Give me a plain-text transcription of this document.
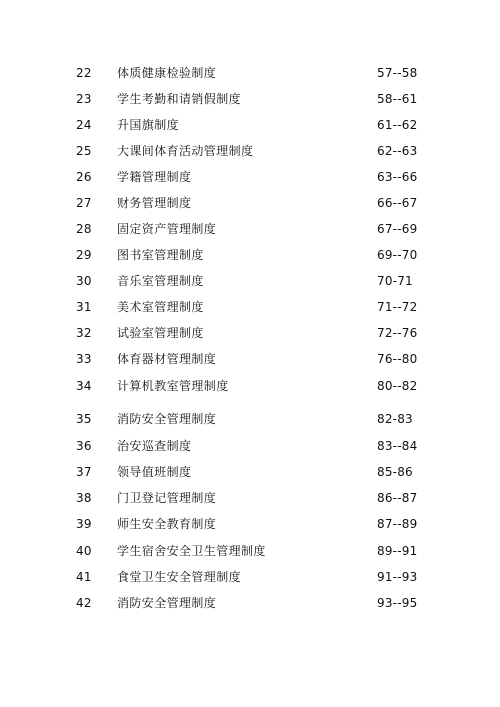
22	体质健康检验制度	57--58
23	学生考勤和请销假制度	58--61
24	升国旗制度	61--62
25	大课间体育活动管理制度	62--63
26	学籍管理制度	63--66
27	财务管理制度	66--67
28	固定资产管理制度	67--69
29	图书室管理制度	69--70
30	音乐室管理制度	70-71
31	美术室管理制度	71--72
32	试验室管理制度	72--76
33	体育器材管理制度	76--80
34	计算机教室管理制度	80--82
35	消防安全管理制度	82-83
36	治安巡查制度	83--84
37	领导值班制度	85-86
38	门卫登记管理制度	86--87
39	师生安全教育制度	87--89
40	学生宿舍安全卫生管理制度	89--91
41	食堂卫生安全管理制度	91--93
42	消防安全管理制度	93--95
